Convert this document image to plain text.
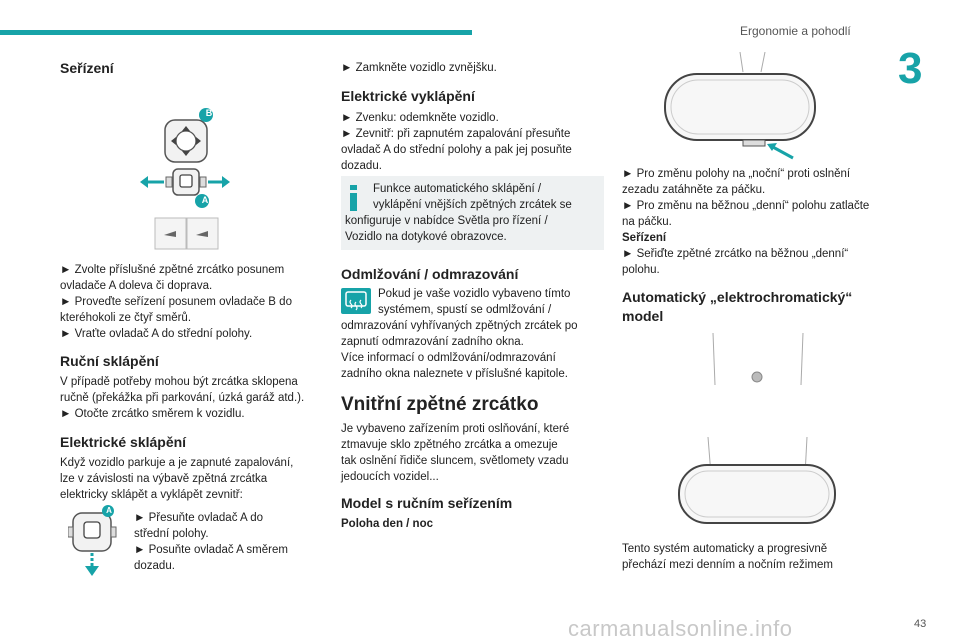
Ergonomie a pohodlí
3
Seřízení
B
A
► Zvolte příslušné zpětné zrcátko posunem
ovladače A doleva či doprava.
► Proveďte seřízení posunem ovladače B do
kteréhokoli ze čtyř směrů.
► Vraťte ovladač A do střední polohy.
Ruční sklápění
V případě potřeby mohou být zrcátka sklopena
ručně (překážka při parkování, úzká garáž atd.).
► Otočte zrcátko směrem k vozidlu.
Elektrické sklápění
Když vozidlo parkuje a je zapnuté zapalování,
lze v závislosti na výbavě zpětná zrcátka
elektricky sklápět a vyklápět zevnitř:
A
► Přesuňte ovladač A do
střední polohy.
► Posuňte ovladač A směrem
dozadu.
► Zamkněte vozidlo zvnějšku.
Elektrické vyklápění
► Zvenku: odemkněte vozidlo.
► Zevnitř: při zapnutém zapalování přesuňte
ovladač A do střední polohy a pak jej posuňte
dozadu.
Funkce automatického sklápění /
vyklápění vnějších zpětných zrcátek se
konfiguruje v nabídce Světla pro řízení /
Vozidlo na dotykové obrazovce.
Odmlžování / odmrazování
Pokud je vaše vozidlo vybaveno tímto
systémem, spustí se odmlžování /
odmrazování vyhřívaných zpětných zrcátek po
zapnutí odmrazování zadního okna.
Více informací o odmlžování/odmrazování
zadního okna naleznete v příslušné kapitole.
Vnitřní zpětné zrcátko
Je vybaveno zařízením proti oslňování, které
ztmavuje sklo zpětného zrcátka a omezuje
tak oslnění řidiče sluncem, světlomety vzadu
jedoucích vozidel...
Model s ručním seřízením
Poloha den / noc
► Pro změnu polohy na „noční“ proti oslnění
zezadu zatáhněte za páčku.
► Pro změnu na běžnou „denní“ polohu zatlačte
na páčku.
Seřízení
► Seřiďte zpětné zrcátko na běžnou „denní“
polohu.
Automatický „elektrochromatický“
model
Tento systém automaticky a progresivně
přechází mezi denním a nočním režimem
carmanualsonline.info	43
